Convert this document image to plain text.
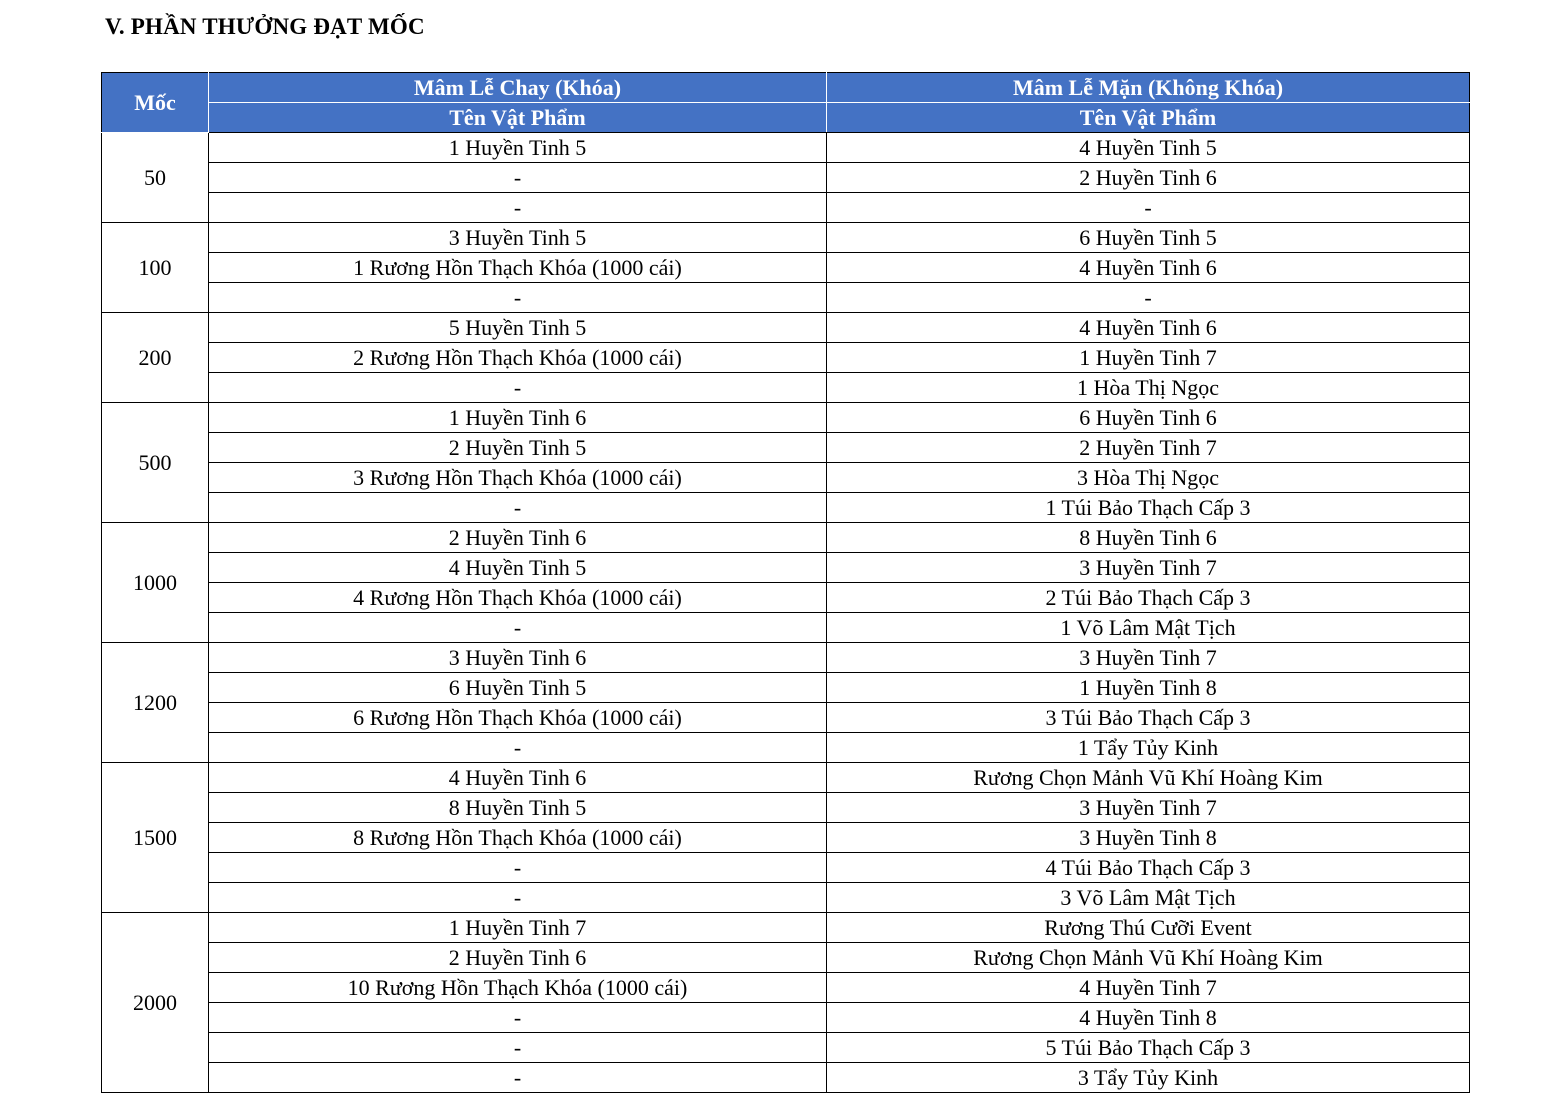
V. PHẦN THƯỞNG ĐẠT MỐC
Mốc	Mâm Lễ Chay (Khóa)	Mâm Lễ Mặn (Không Khóa)
	Tên Vật Phẩm	Tên Vật Phẩm
50	1 Huyền Tinh 5	4 Huyền Tinh 5
	-	2 Huyền Tinh 6
	-	-
100	3 Huyền Tinh 5	6 Huyền Tinh 5
	1 Rương Hồn Thạch Khóa (1000 cái)	4 Huyền Tinh 6
	-	-
200	5 Huyền Tinh 5	4 Huyền Tinh 6
	2 Rương Hồn Thạch Khóa (1000 cái)	1 Huyền Tinh 7
	-	1 Hòa Thị Ngọc
500	1 Huyền Tinh 6	6 Huyền Tinh 6
	2 Huyền Tinh 5	2 Huyền Tinh 7
	3 Rương Hồn Thạch Khóa (1000 cái)	3 Hòa Thị Ngọc
	-	1 Túi Bảo Thạch Cấp 3
1000	2 Huyền Tinh 6	8 Huyền Tinh 6
	4 Huyền Tinh 5	3 Huyền Tinh 7
	4 Rương Hồn Thạch Khóa (1000 cái)	2 Túi Bảo Thạch Cấp 3
	-	1 Võ Lâm Mật Tịch
1200	3 Huyền Tinh 6	3 Huyền Tinh 7
	6 Huyền Tinh 5	1 Huyền Tinh 8
	6 Rương Hồn Thạch Khóa (1000 cái)	3 Túi Bảo Thạch Cấp 3
	-	1 Tẩy Tủy Kinh
1500	4 Huyền Tinh 6	Rương Chọn Mảnh Vũ Khí Hoàng Kim
	8 Huyền Tinh 5	3 Huyền Tinh 7
	8 Rương Hồn Thạch Khóa (1000 cái)	3 Huyền Tinh 8
	-	4 Túi Bảo Thạch Cấp 3
	-	3 Võ Lâm Mật Tịch
2000	1 Huyền Tinh 7	Rương Thú Cưỡi Event
	2 Huyền Tinh 6	Rương Chọn Mảnh Vũ Khí Hoàng Kim
	10 Rương Hồn Thạch Khóa (1000 cái)	4 Huyền Tinh 7
	-	4 Huyền Tinh 8
	-	5 Túi Bảo Thạch Cấp 3
	-	3 Tẩy Tủy Kinh
